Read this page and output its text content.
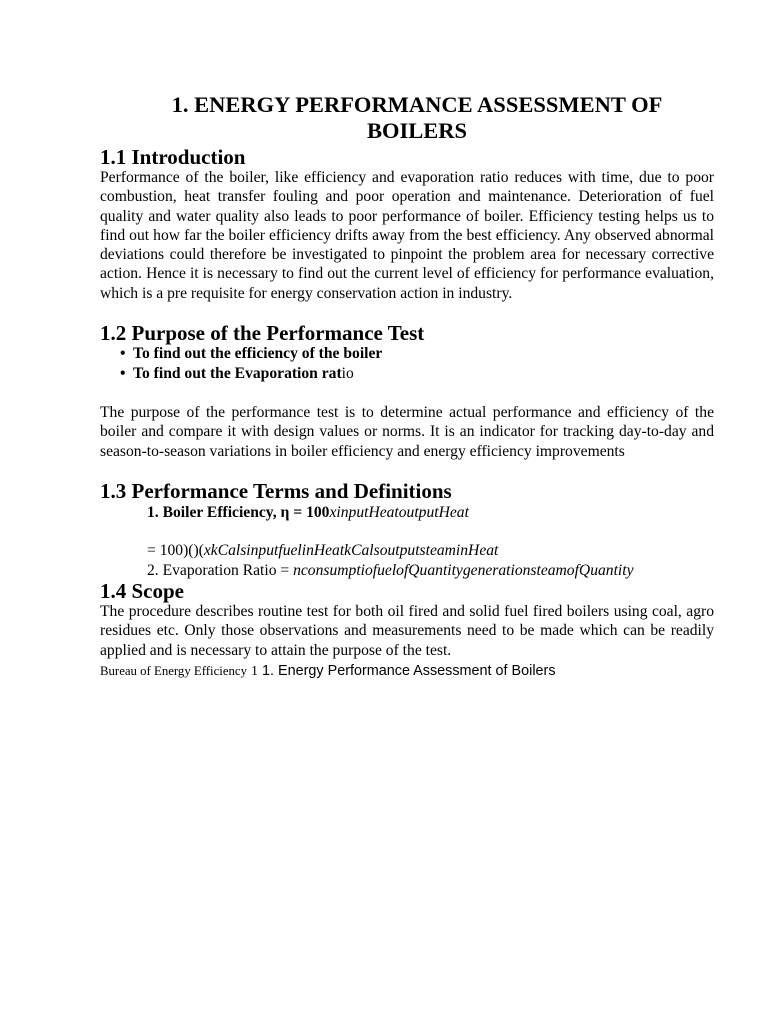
1. ENERGY PERFORMANCE ASSESSMENT OF BOILERS
1.1 Introduction

Performance of the boiler, like efficiency and evaporation ratio reduces with time, due to poor combustion, heat transfer fouling and poor operation and maintenance. Deterioration of fuel quality and water quality also leads to poor performance of boiler. Efficiency testing helps us to find out how far the boiler efficiency drifts away from the best efficiency. Any observed abnormal deviations could therefore be investigated to pinpoint the problem area for necessary corrective action. Hence it is necessary to find out the current level of efficiency for performance evaluation, which is a pre requisite for energy conservation action in industry.

1.2 Purpose of the Performance Test
• To find out the efficiency of the boiler
• To find out the Evaporation ratio

The purpose of the performance test is to determine actual performance and efficiency of the boiler and compare it with design values or norms. It is an indicator for tracking day-to-day and season-to-season variations in boiler efficiency and energy efficiency improvements

1.3 Performance Terms and Definitions

1. Boiler Efficiency, η = 100xinputHeatoutputHeat

= 100)()(xkCalsinputfuelinHeatkCalsoutputsteaminHeat

2. Evaporation Ratio = nconsumptiofuelofQuantitygenerationsteamofQuantity

1.4 Scope

The procedure describes routine test for both oil fired and solid fuel fired boilers using coal, agro residues etc. Only those observations and measurements need to be made which can be readily applied and is necessary to attain the purpose of the test.

Bureau of Energy Efficiency 1 1. Energy Performance Assessment of Boilers
